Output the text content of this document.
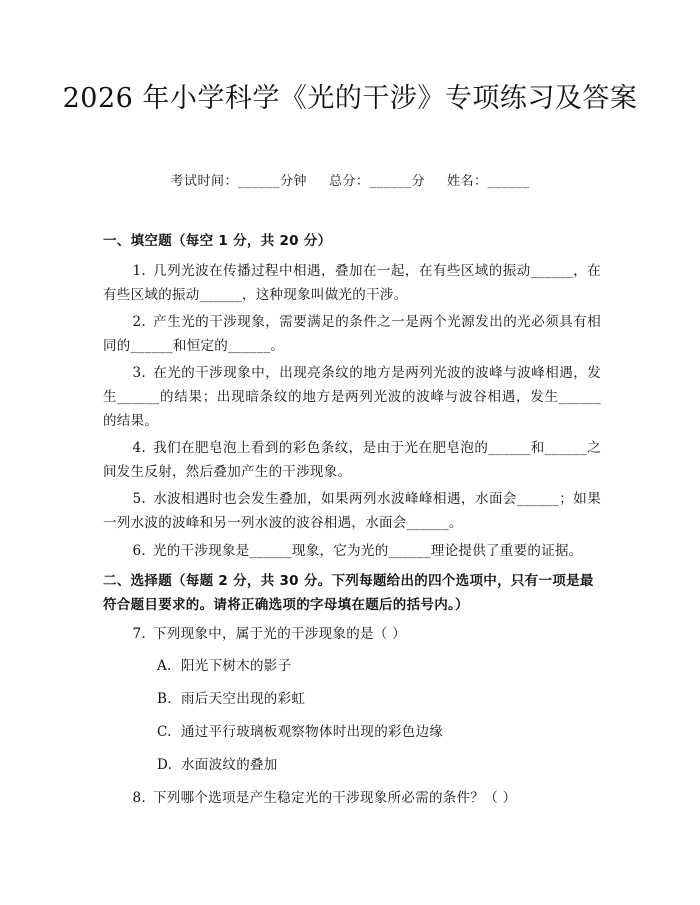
2026 年小学科学《光的干涉》专项练习及答案
考试时间：______分钟 总分：______分 姓名：______
一、填空题（每空 1 分，共 20 分）
1. 几列光波在传播过程中相遇，叠加在一起，在有些区域的振动______，在有些区域的振动______，这种现象叫做光的干涉。
2. 产生光的干涉现象，需要满足的条件之一是两个光源发出的光必须具有相同的______和恒定的______。
3. 在光的干涉现象中，出现亮条纹的地方是两列光波的波峰与波峰相遇，发生______的结果；出现暗条纹的地方是两列光波的波峰与波谷相遇，发生______的结果。
4. 我们在肥皂泡上看到的彩色条纹，是由于光在肥皂泡的______和______之间发生反射，然后叠加产生的干涉现象。
5. 水波相遇时也会发生叠加，如果两列水波峰峰相遇，水面会______；如果一列水波的波峰和另一列水波的波谷相遇，水面会______。
6. 光的干涉现象是______现象，它为光的______理论提供了重要的证据。
二、选择题（每题 2 分，共 30 分。下列每题给出的四个选项中，只有一项是最符合题目要求的。请将正确选项的字母填在题后的括号内。）
7. 下列现象中，属于光的干涉现象的是（ ）
A. 阳光下树木的影子
B. 雨后天空出现的彩虹
C. 通过平行玻璃板观察物体时出现的彩色边缘
D. 水面波纹的叠加
8. 下列哪个选项是产生稳定光的干涉现象所必需的条件？（ ）
